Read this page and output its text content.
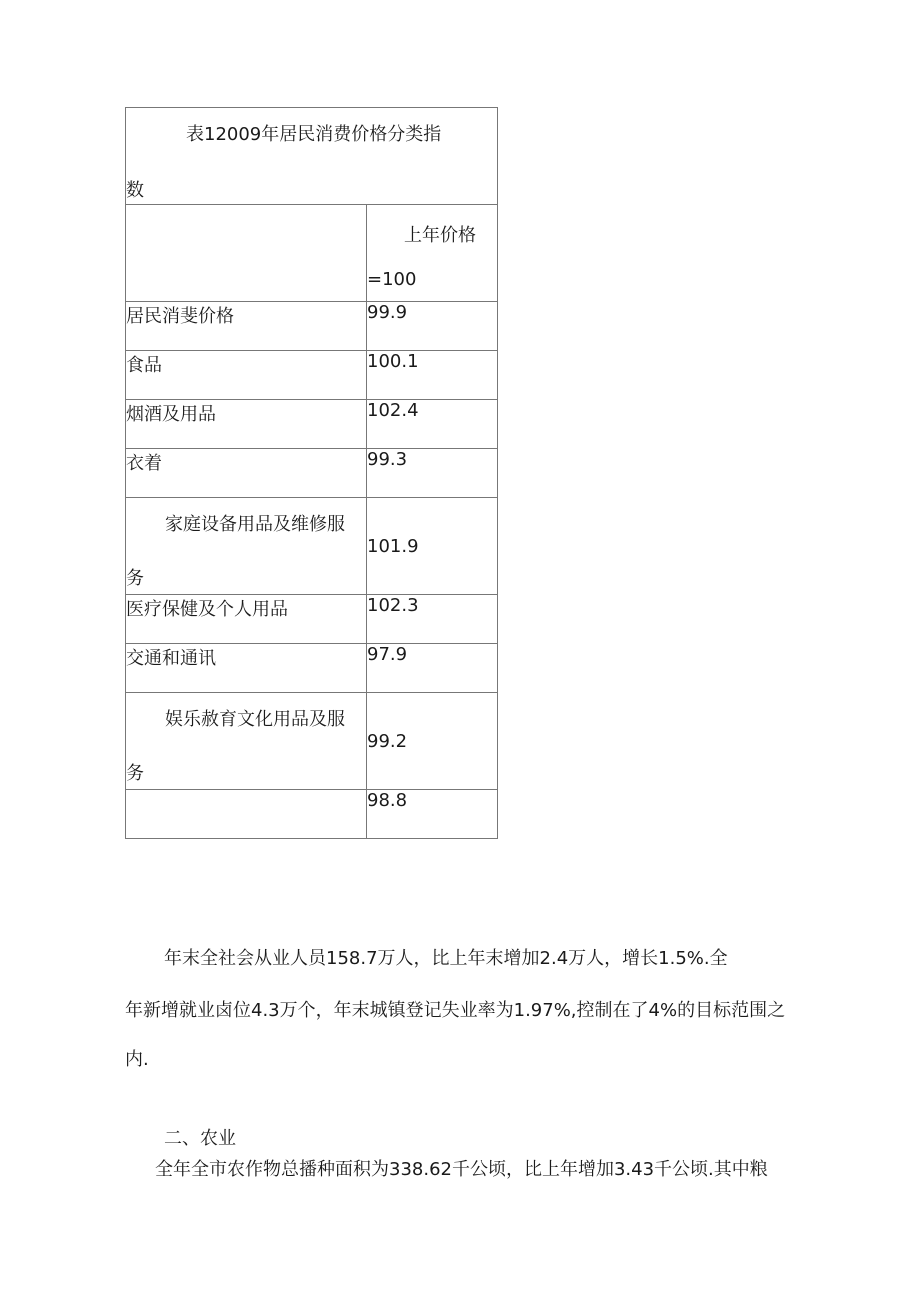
表12009年居民消费价格分类指
数	

	上年价格
=100

居民消斐价格	99.9
食品	100.1
烟酒及用品	102.4
衣着	99.3

家庭设备用品及维修服
务	101.9
医疗保健及个人用品	102.3
交通和通讯	97.9

娱乐赦育文化用品及服
务	99.2
	98.8
年末全社会从业人员158.7万人，比上年末增加2.4万人，增长1.5%.全
年新增就业卤位4.3万个，年末城镇登记失业率为1.97%,控制在了4%的目标范围之
内.
二、农业
全年全市农作物总播种面积为338.62千公顷，比上年增加3.43千公顷.其中粮
